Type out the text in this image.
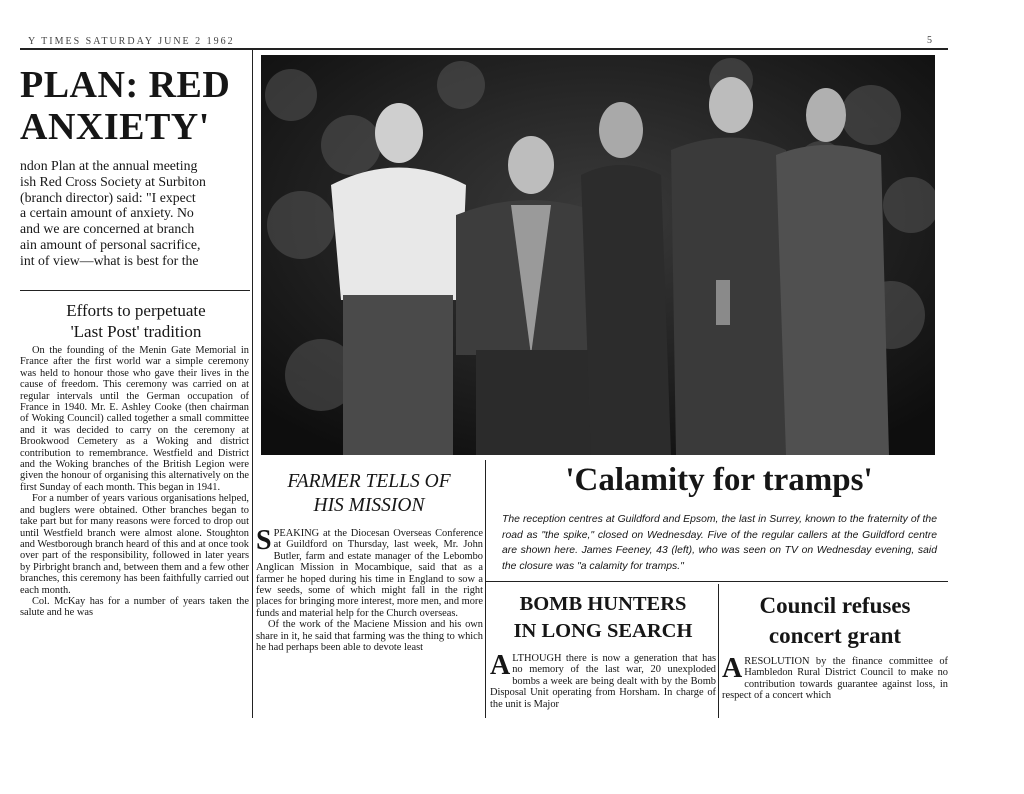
Y TIMES SATURDAY JUNE 2 1962	5
PLAN: RED
ANXIETY'
ndon Plan at the annual meeting
ish Red Cross Society at Surbiton
(branch director) said: "I expect
a certain amount of anxiety. No
and we are concerned at branch
ain amount of personal sacrifice,
int of view—what is best for the
Efforts to perpetuate
'Last Post' tradition

On the founding of the Menin Gate Memorial in France after the first world war a simple ceremony was held to honour those who gave their lives in the cause of freedom. This ceremony was carried on at regular intervals until the German occupation of France in 1940. Mr. E. Ashley Cooke (then chairman of Woking Council) called together a small committee and it was decided to carry on the ceremony at Brookwood Cemetery as a Woking and district contribution to remembrance. Westfield and District and the Woking branches of the British Legion were given the honour of organising this alternatively on the first Sunday of each month. This began in 1941.

For a number of years various organisations helped, and buglers were obtained. Other branches began to take part but for many reasons were forced to drop out until Westfield branch were almost alone. Stoughton and Westborough branch heard of this and at once took over part of the responsibility, followed in later years by Pirbright branch and, between them and a few other branches, this ceremony has been faithfully carried out each month.

Col. McKay has for a number of years taken the salute and he was

FARMER TELLS OF
HIS MISSION

SPEAKING at the Diocesan Overseas Conference at Guildford on Thursday, last week, Mr. John Butler, farm and estate manager of the Lebombo Anglican Mission in Mocambique, said that as a farmer he hoped during his time in England to sow a few seeds, some of which might fall in the right places for bringing more interest, more men, and more funds and material help for the Church overseas.

Of the work of the Maciene Mission and his own share in it, he said that farming was the thing to which he had perhaps been able to devote least

'Calamity for tramps'
The reception centres at Guildford and Epsom, the last in Surrey, known to the fraternity of the road as "the spike," closed on Wednesday. Five of the regular callers at the Guildford centre are shown here. James Feeney, 43 (left), who was seen on TV on Wednesday evening, said the closure was "a calamity for tramps."
BOMB HUNTERS
IN LONG SEARCH

ALTHOUGH there is now a generation that has no memory of the last war, 20 unexploded bombs a week are being dealt with by the Bomb Disposal Unit operating from Horsham. In charge of the unit is Major

Council refuses
concert grant

ARESOLUTION by the finance committee of Hambledon Rural District Council to make no contribution towards guarantee against loss, in respect of a concert which
